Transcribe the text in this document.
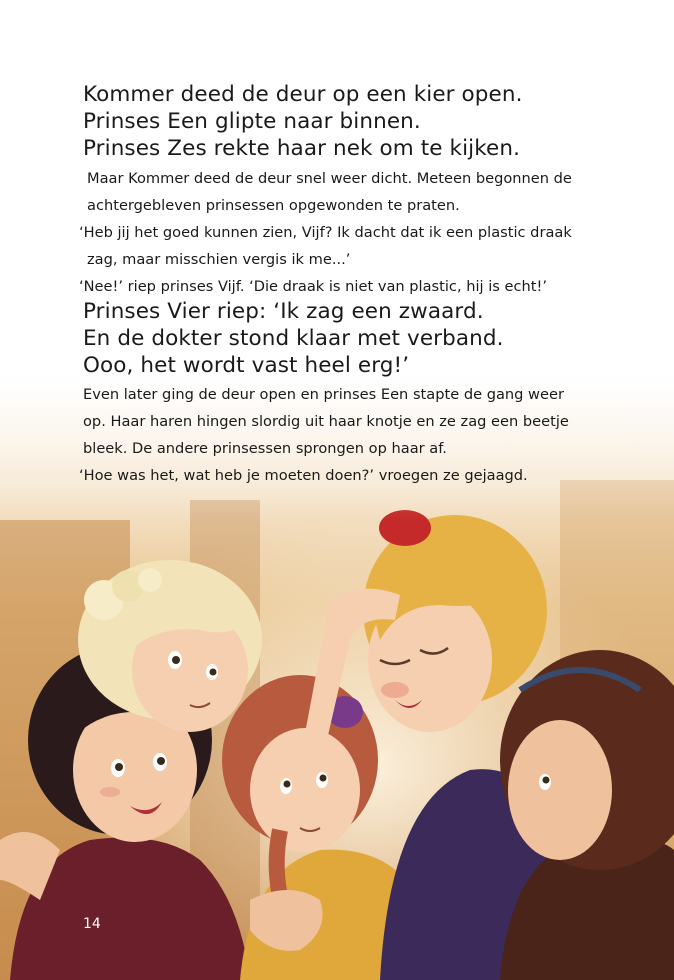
Kommer deed de deur op een kier open.
Prinses Een glipte naar binnen.
Prinses Zes rekte haar nek om te kijken.
Maar Kommer deed de deur snel weer dicht. Meteen begonnen de
achtergebleven prinsessen opgewonden te praten.
‘Heb jij het goed kunnen zien, Vijf? Ik dacht dat ik een plastic draak
zag, maar misschien vergis ik me...’
‘Nee!’ riep prinses Vijf. ‘Die draak is niet van plastic, hij is echt!’
Prinses Vier riep: ‘Ik zag een zwaard.
En de dokter stond klaar met verband.
Ooo, het wordt vast heel erg!’
Even later ging de deur open en prinses Een stapte de gang weer
op. Haar haren hingen slordig uit haar knotje en ze zag een beetje
bleek. De andere prinsessen sprongen op haar af.
‘Hoe was het, wat heb je moeten doen?’ vroegen ze gejaagd.
14
